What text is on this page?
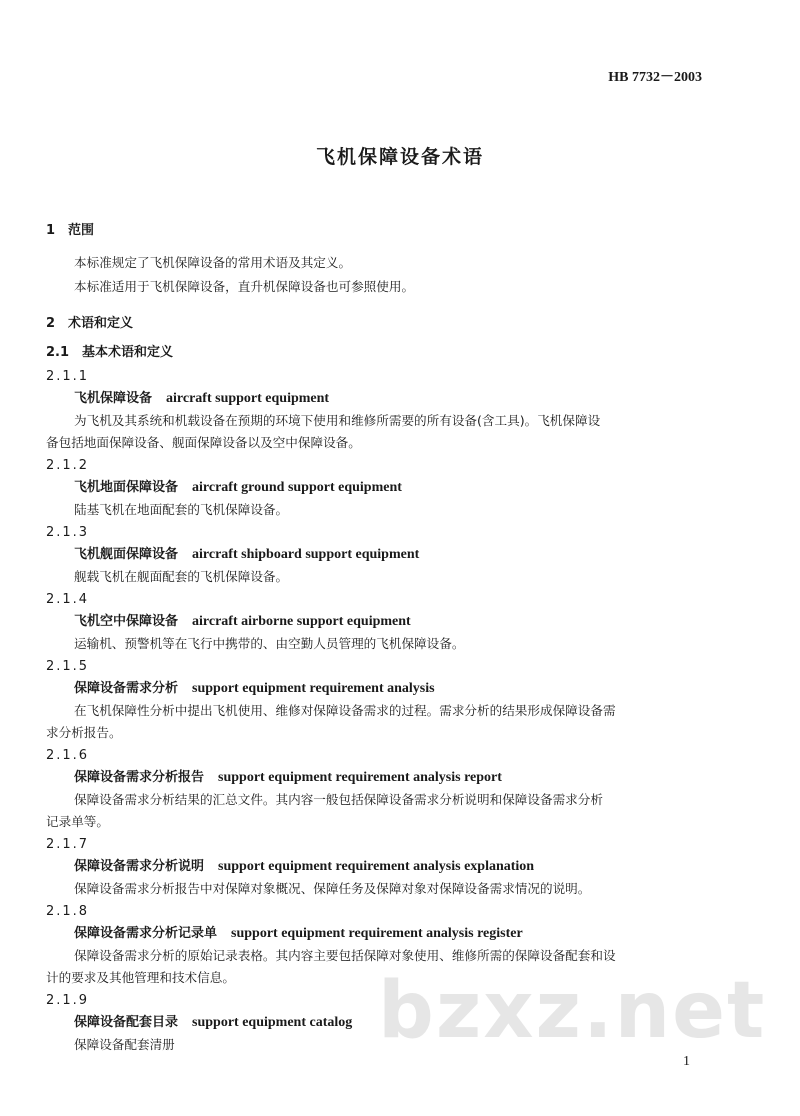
HB 7732－2003
飞机保障设备术语
1　范围
本标准规定了飞机保障设备的常用术语及其定义。
本标准适用于飞机保障设备，直升机保障设备也可参照使用。
2　术语和定义
2.1　基本术语和定义
2.1.1
飞机保障设备 aircraft support equipment
为飞机及其系统和机载设备在预期的环境下使用和维修所需要的所有设备(含工具)。飞机保障设
备包括地面保障设备、舰面保障设备以及空中保障设备。
2.1.2
飞机地面保障设备 aircraft ground support equipment
陆基飞机在地面配套的飞机保障设备。
2.1.3
飞机舰面保障设备 aircraft shipboard support equipment
舰载飞机在舰面配套的飞机保障设备。
2.1.4
飞机空中保障设备 aircraft airborne support equipment
运输机、预警机等在飞行中携带的、由空勤人员管理的飞机保障设备。
2.1.5
保障设备需求分析 support equipment requirement analysis
在飞机保障性分析中提出飞机使用、维修对保障设备需求的过程。需求分析的结果形成保障设备需
求分析报告。
2.1.6
保障设备需求分析报告 support equipment requirement analysis report
保障设备需求分析结果的汇总文件。其内容一般包括保障设备需求分析说明和保障设备需求分析
记录单等。
2.1.7
保障设备需求分析说明 support equipment requirement analysis explanation
保障设备需求分析报告中对保障对象概况、保障任务及保障对象对保障设备需求情况的说明。
2.1.8
保障设备需求分析记录单 support equipment requirement analysis register
保障设备需求分析的原始记录表格。其内容主要包括保障对象使用、维修所需的保障设备配套和设
计的要求及其他管理和技术信息。
2.1.9
保障设备配套目录 support equipment catalog
保障设备配套清册
1
bzxz.net
